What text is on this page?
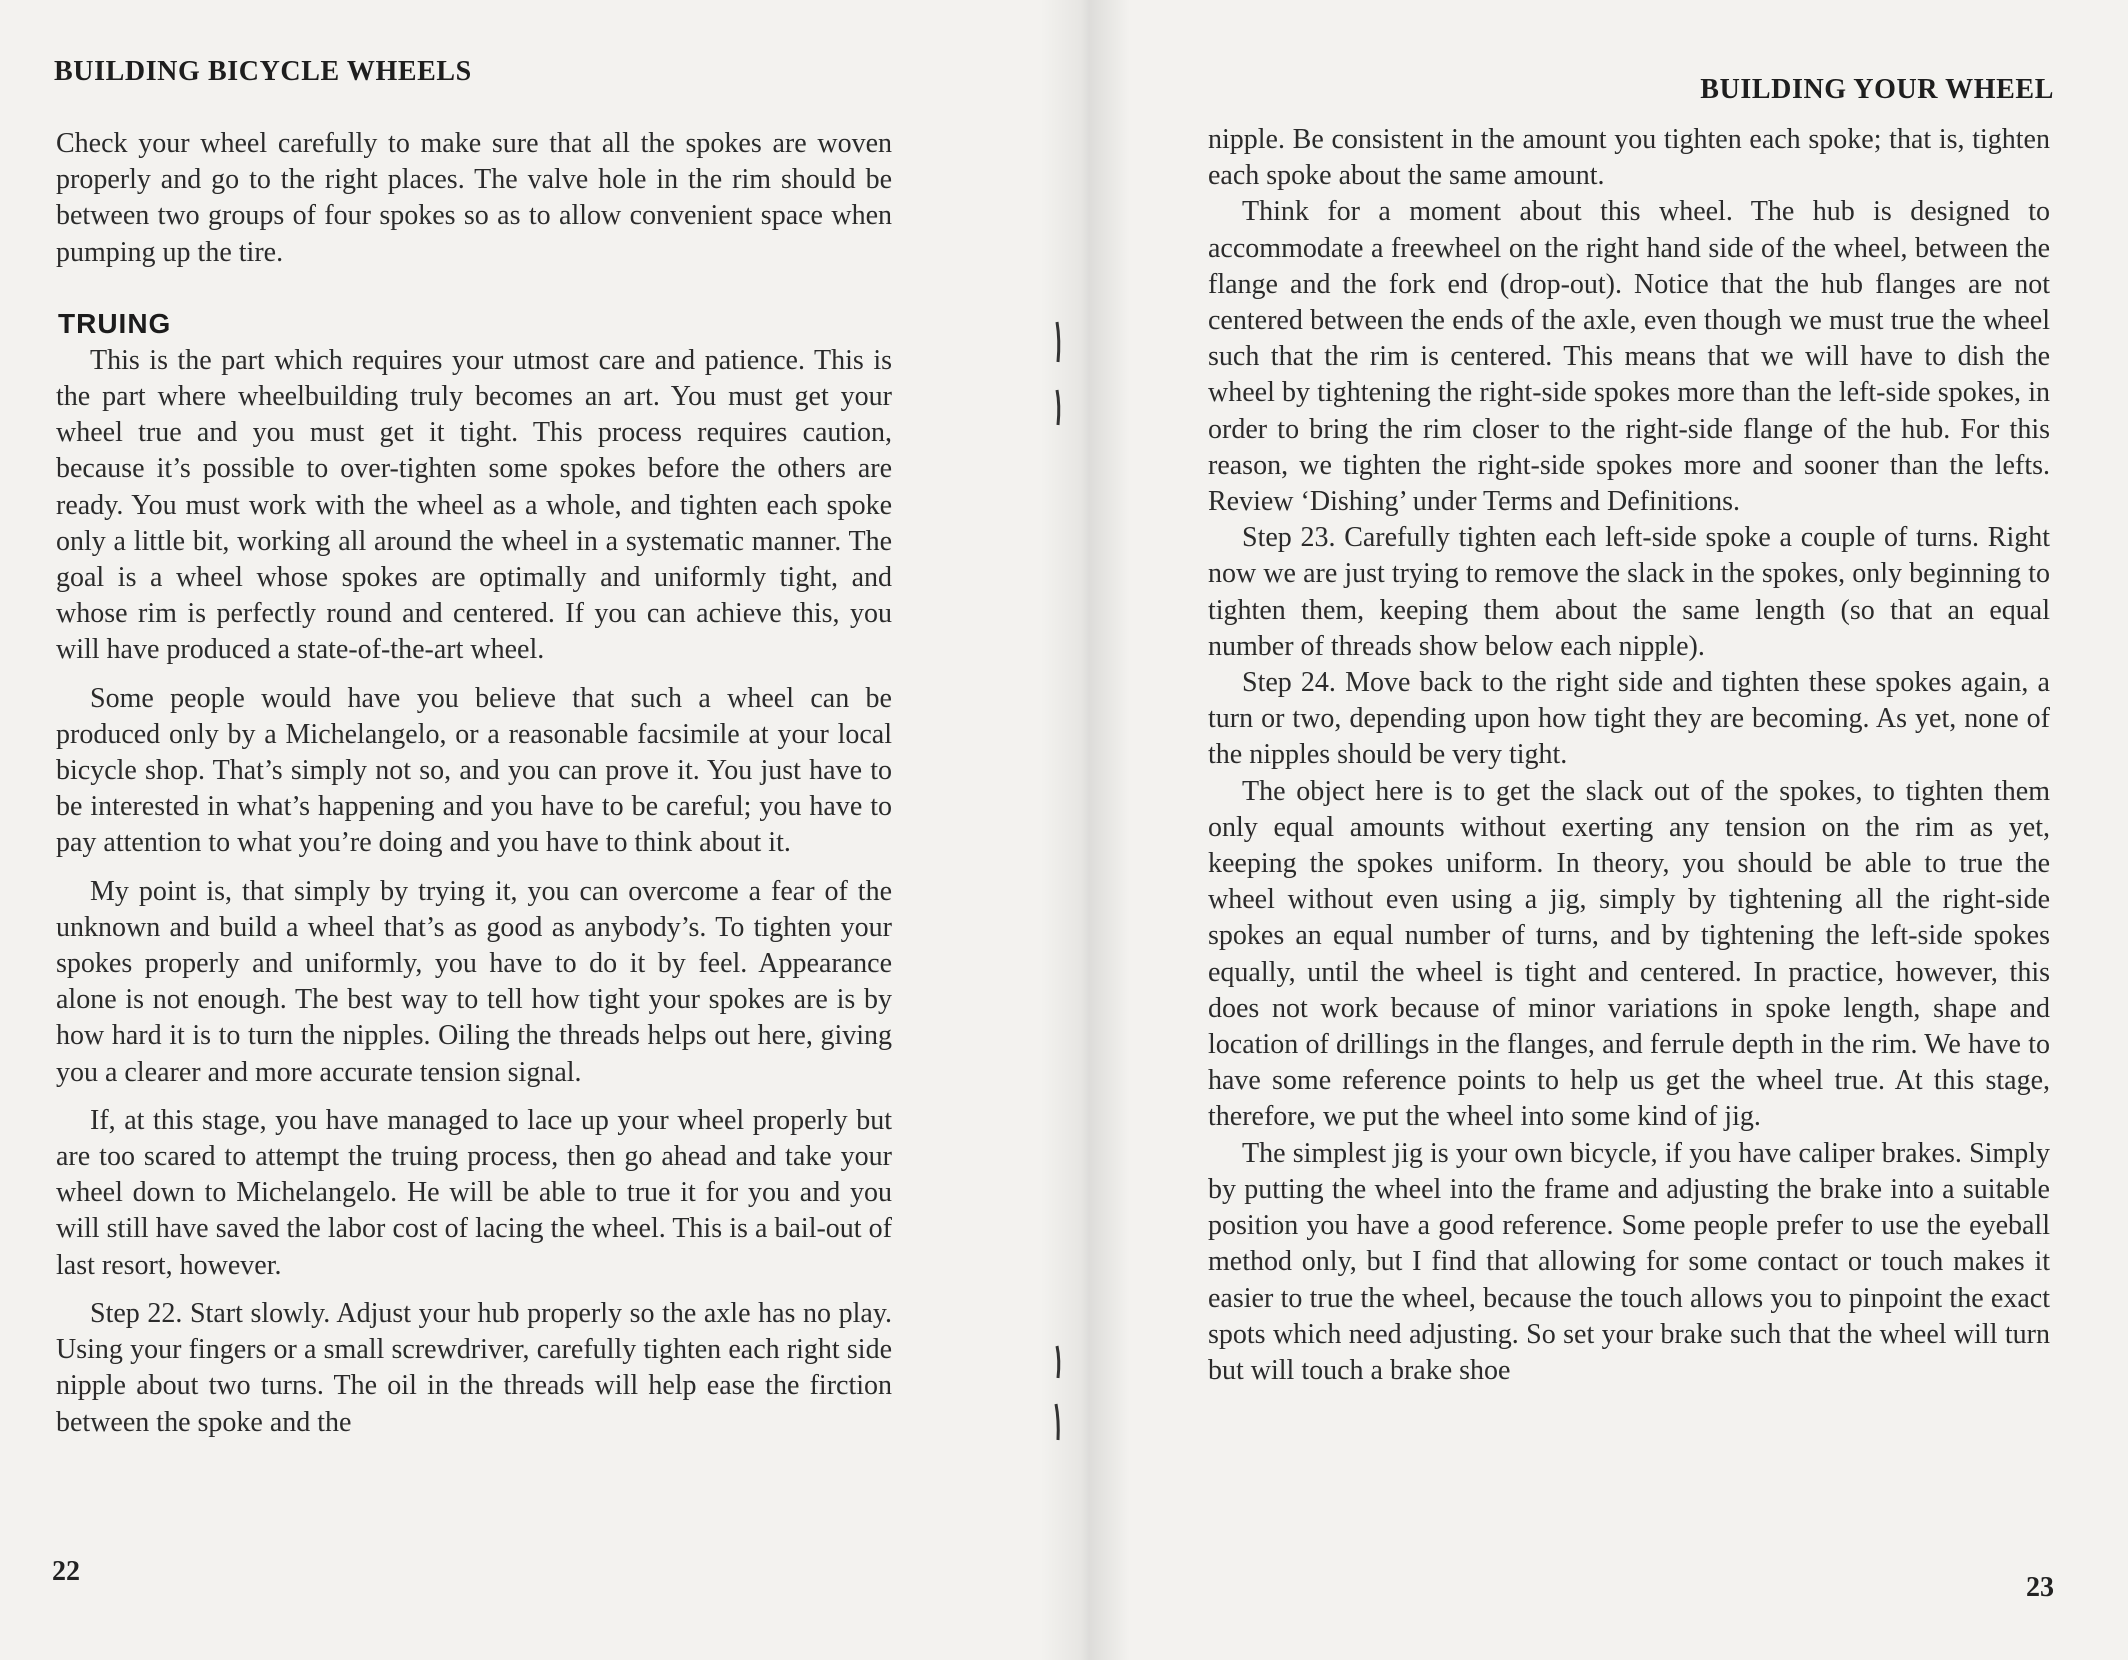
BUILDING BICYCLE WHEELS

Check your wheel carefully to make sure that all the spokes are woven properly and go to the right places. The valve hole in the rim should be between two groups of four spokes so as to allow convenient space when pumping up the tire.

TRUING

This is the part which requires your utmost care and patience. This is the part where wheelbuilding truly becomes an art. You must get your wheel true and you must get it tight. This process requires caution, because it’s possible to over-tighten some spokes before the others are ready. You must work with the wheel as a whole, and tighten each spoke only a little bit, working all around the wheel in a systematic manner. The goal is a wheel whose spokes are optimally and uniformly tight, and whose rim is perfectly round and centered. If you can achieve this, you will have produced a state-of-the-art wheel.

Some people would have you believe that such a wheel can be produced only by a Michelangelo, or a reasonable facsimile at your local bicycle shop. That’s simply not so, and you can prove it. You just have to be interested in what’s happening and you have to be careful; you have to pay attention to what you’re doing and you have to think about it.

My point is, that simply by trying it, you can overcome a fear of the unknown and build a wheel that’s as good as anybody’s. To tighten your spokes properly and uniformly, you have to do it by feel. Appearance alone is not enough. The best way to tell how tight your spokes are is by how hard it is to turn the nipples. Oiling the threads helps out here, giving you a clearer and more accurate tension signal.

If, at this stage, you have managed to lace up your wheel properly but are too scared to attempt the truing process, then go ahead and take your wheel down to Michelangelo. He will be able to true it for you and you will still have saved the labor cost of lacing the wheel. This is a bail-out of last resort, however.

Step 22. Start slowly. Adjust your hub properly so the axle has no play. Using your fingers or a small screwdriver, carefully tighten each right side nipple about two turns. The oil in the threads will help ease the firction between the spoke and the

22
BUILDING YOUR WHEEL

nipple. Be consistent in the amount you tighten each spoke; that is, tighten each spoke about the same amount.

Think for a moment about this wheel. The hub is designed to accommodate a freewheel on the right hand side of the wheel, between the flange and the fork end (drop-out). Notice that the hub flanges are not centered between the ends of the axle, even though we must true the wheel such that the rim is centered. This means that we will have to dish the wheel by tightening the right-side spokes more than the left-side spokes, in order to bring the rim closer to the right-side flange of the hub. For this reason, we tighten the right-side spokes more and sooner than the lefts. Review ‘Dishing’ under Terms and Definitions.

Step 23. Carefully tighten each left-side spoke a couple of turns. Right now we are just trying to remove the slack in the spokes, only beginning to tighten them, keeping them about the same length (so that an equal number of threads show below each nipple).

Step 24. Move back to the right side and tighten these spokes again, a turn or two, depending upon how tight they are becoming. As yet, none of the nipples should be very tight.

The object here is to get the slack out of the spokes, to tighten them only equal amounts without exerting any tension on the rim as yet, keeping the spokes uniform. In theory, you should be able to true the wheel without even using a jig, simply by tightening all the right-side spokes an equal number of turns, and by tightening the left-side spokes equally, until the wheel is tight and centered. In practice, however, this does not work because of minor variations in spoke length, shape and location of drillings in the flanges, and ferrule depth in the rim. We have to have some reference points to help us get the wheel true. At this stage, therefore, we put the wheel into some kind of jig.

The simplest jig is your own bicycle, if you have caliper brakes. Simply by putting the wheel into the frame and adjusting the brake into a suitable position you have a good reference. Some people prefer to use the eyeball method only, but I find that allowing for some contact or touch makes it easier to true the wheel, because the touch allows you to pinpoint the exact spots which need adjusting. So set your brake such that the wheel will turn but will touch a brake shoe

23
